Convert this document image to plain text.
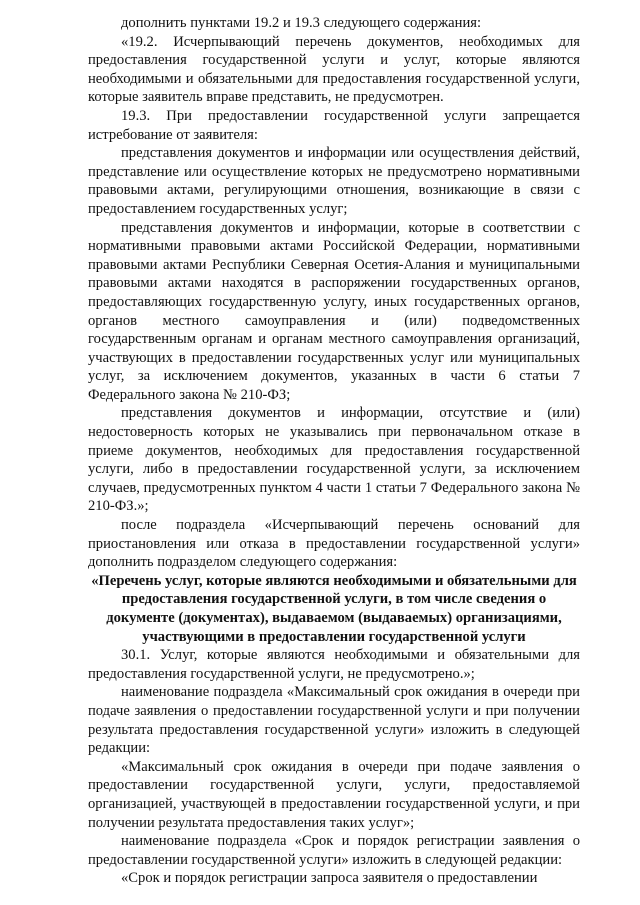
дополнить пунктами 19.2 и 19.3 следующего содержания:

«19.2. Исчерпывающий перечень документов, необходимых для предоставления государственной услуги и услуг, которые являются необходимыми и обязательными для предоставления государственной услуги, которые заявитель вправе представить, не предусмотрен.

19.3. При предоставлении государственной услуги запрещается истребование от заявителя:

представления документов и информации или осуществления действий, представление или осуществление которых не предусмотрено нормативными правовыми актами, регулирующими отношения, возникающие в связи с предоставлением государственных услуг;

представления документов и информации, которые в соответствии с нормативными правовыми актами Российской Федерации, нормативными правовыми актами Республики Северная Осетия-Алания и муниципальными правовыми актами находятся в распоряжении государственных органов, предоставляющих государственную услугу, иных государственных органов, органов местного самоуправления и (или) подведомственных государственным органам и органам местного самоуправления организаций, участвующих в предоставлении государственных услуг или муниципальных услуг, за исключением документов, указанных в части 6 статьи 7 Федерального закона № 210-ФЗ;

представления документов и информации, отсутствие и (или) недостоверность которых не указывались при первоначальном отказе в приеме документов, необходимых для предоставления государственной услуги, либо в предоставлении государственной услуги, за исключением случаев, предусмотренных пунктом 4 части 1 статьи 7 Федерального закона № 210-ФЗ.»;

после подраздела «Исчерпывающий перечень оснований для приостановления или отказа в предоставлении государственной услуги» дополнить подразделом следующего содержания:

«Перечень услуг, которые являются необходимыми и обязательными для предоставления государственной услуги, в том числе сведения о документе (документах), выдаваемом (выдаваемых) организациями, участвующими в предоставлении государственной услуги

30.1. Услуг, которые являются необходимыми и обязательными для предоставления государственной услуги, не предусмотрено.»;

наименование подраздела «Максимальный срок ожидания в очереди при подаче заявления о предоставлении государственной услуги и при получении результата предоставления государственной услуги» изложить в следующей редакции:

«Максимальный срок ожидания в очереди при подаче заявления о предоставлении государственной услуги, услуги, предоставляемой организацией, участвующей в предоставлении государственной услуги, и при получении результата предоставления таких услуг»;

наименование подраздела «Срок и порядок регистрации заявления о предоставлении государственной услуги» изложить в следующей редакции:

«Срок и порядок регистрации запроса заявителя о предоставлении
